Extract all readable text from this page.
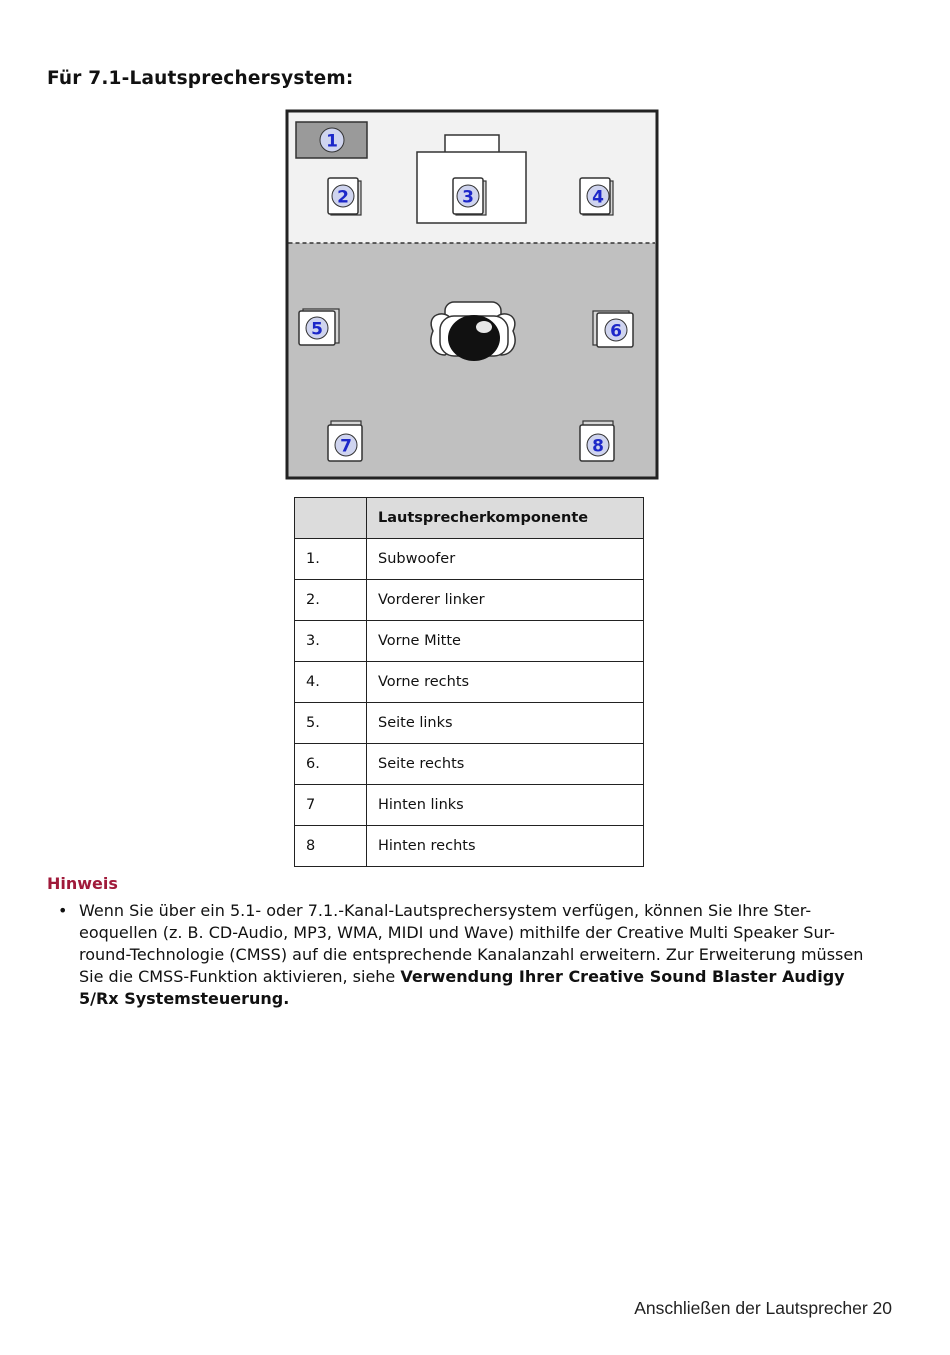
Für 7.1-Lautsprechersystem:
1
2	3	4
5	6
7	8
	Lautsprecherkomponente
1.	Subwoofer
2.	Vorderer linker
3.	Vorne Mitte
4.	Vorne rechts
5.	Seite links
6.	Seite rechts
7	Hinten links
8	Hinten rechts
Hinweis
• Wenn Sie über ein 5.1- oder 7.1.-Kanal-Lautsprechersystem verfügen, können Sie Ihre Ster-
eoquellen (z. B. CD-Audio, MP3, WMA, MIDI und Wave) mithilfe der Creative Multi Speaker Sur-
round-Technologie (CMSS) auf die entsprechende Kanalanzahl erweitern. Zur Erweiterung müssen
Sie die CMSS-Funktion aktivieren, siehe Verwendung Ihrer Creative Sound Blaster Audigy
5/Rx Systemsteuerung.
Anschließen der Lautsprecher 20
